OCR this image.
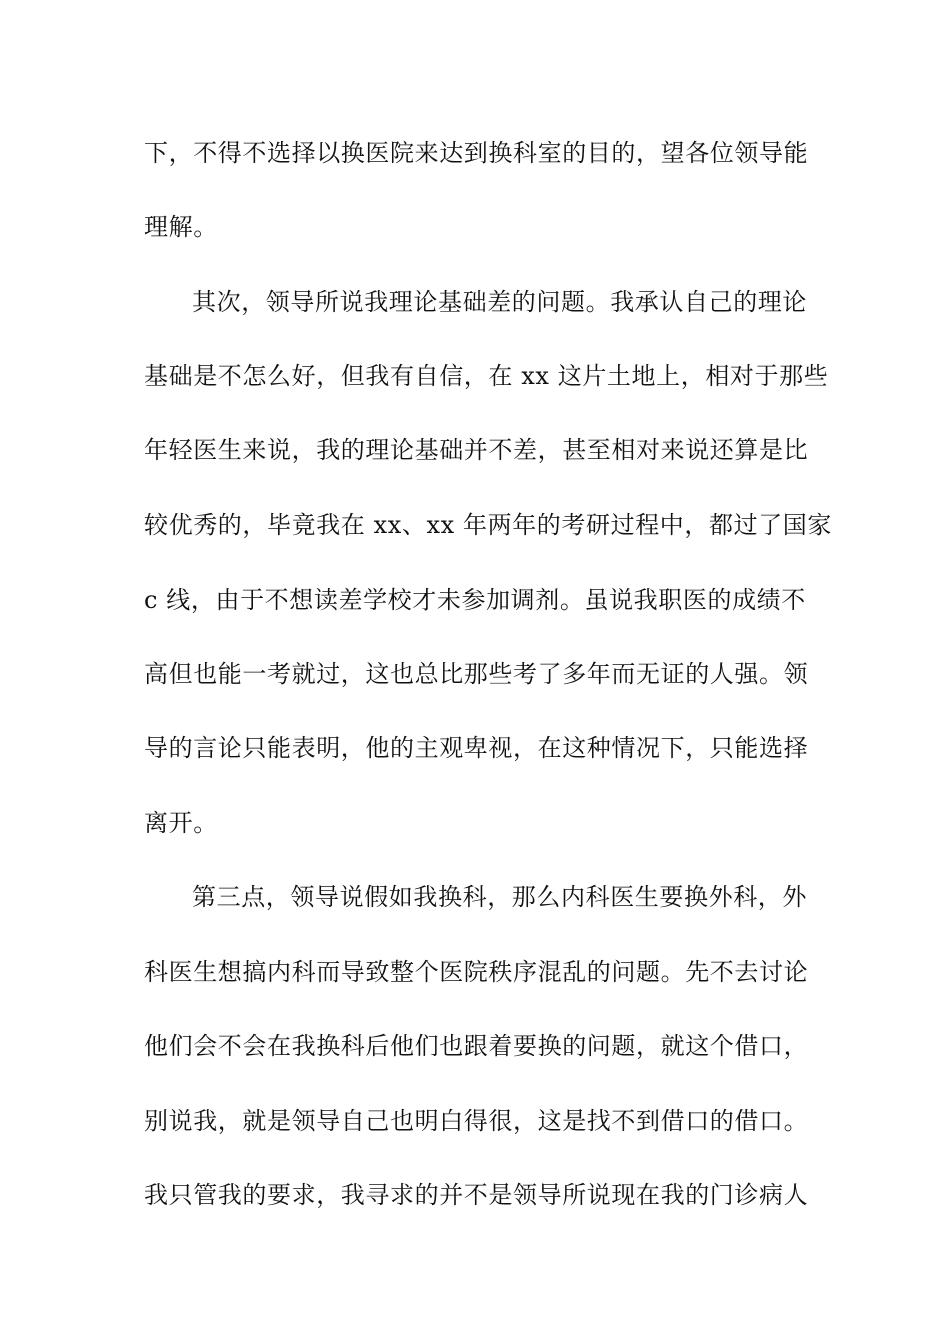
下，不得不选择以换医院来达到换科室的目的，望各位领导能
理解。
其次，领导所说我理论基础差的问题。我承认自己的理论
基础是不怎么好，但我有自信，在 xx 这片土地上，相对于那些
年轻医生来说，我的理论基础并不差，甚至相对来说还算是比
较优秀的，毕竟我在 xx、xx 年两年的考研过程中，都过了国家
c 线，由于不想读差学校才未参加调剂。虽说我职医的成绩不
高但也能一考就过，这也总比那些考了多年而无证的人强。领
导的言论只能表明，他的主观卑视，在这种情况下，只能选择
离开。
第三点，领导说假如我换科，那么内科医生要换外科，外
科医生想搞内科而导致整个医院秩序混乱的问题。先不去讨论
他们会不会在我换科后他们也跟着要换的问题，就这个借口，
别说我，就是领导自己也明白得很，这是找不到借口的借口。
我只管我的要求，我寻求的并不是领导所说现在我的门诊病人
